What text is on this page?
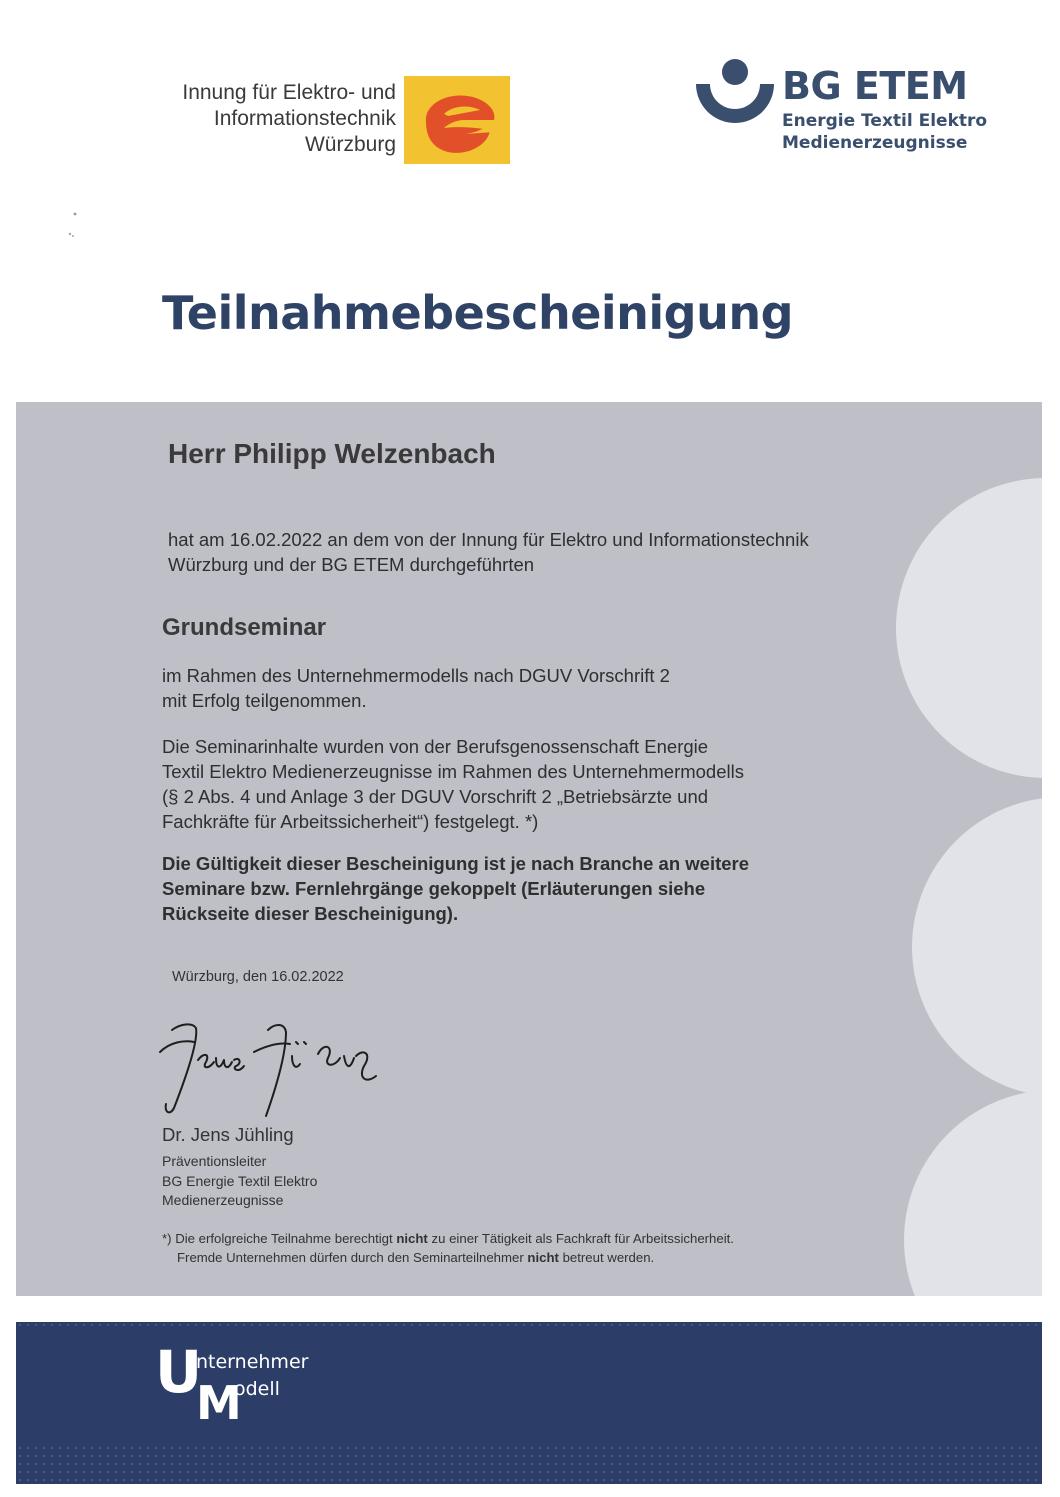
Innung für Elektro- und
Informationstechnik
Würzburg
BG ETEM
Energie Textil Elektro
Medienerzeugnisse
Teilnahmebescheinigung
Herr Philipp Welzenbach
hat am 16.02.2022 an dem von der Innung für Elektro und Informationstechnik
Würzburg und der BG ETEM durchgeführten
Grundseminar
im Rahmen des Unternehmermodells nach DGUV Vorschrift 2
mit Erfolg teilgenommen.
Die Seminarinhalte wurden von der Berufsgenossenschaft Energie
Textil Elektro Medienerzeugnisse im Rahmen des Unternehmermodells
(§ 2 Abs. 4 und Anlage 3 der DGUV Vorschrift 2 „Betriebsärzte und
Fachkräfte für Arbeitssicherheit“) festgelegt. *)
Die Gültigkeit dieser Bescheinigung ist je nach Branche an weitere
Seminare bzw. Fernlehrgänge gekoppelt (Erläuterungen siehe
Rückseite dieser Bescheinigung).
Würzburg, den 16.02.2022
Dr. Jens Jühling
Präventionsleiter
BG Energie Textil Elektro
Medienerzeugnisse
*) Die erfolgreiche Teilnahme berechtigt nicht zu einer Tätigkeit als Fachkraft für Arbeitssicherheit.
Fremde Unternehmen dürfen durch den Seminarteilnehmer nicht betreut werden.
U
nternehmer
M
odell
